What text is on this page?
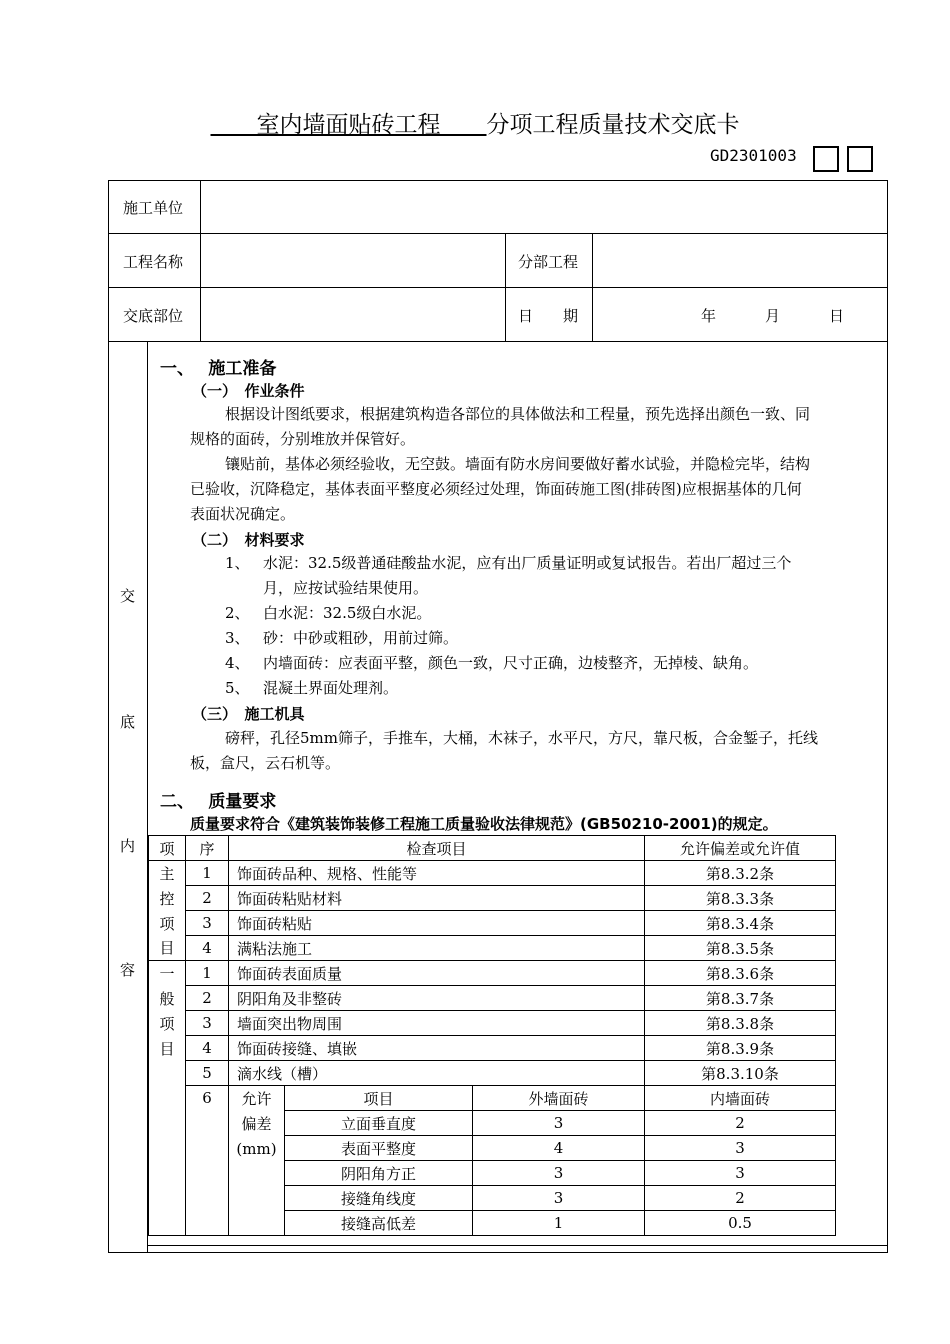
　　室内墙面贴砖工程　　 分项工程质量技术交底卡
GD2301003
施工单位
工程名称	分部工程
交底部位	日　　期	年	月	日
交
底
内
容
一、　 施工准备
（一）　作业条件
根据设计图纸要求，根据建筑构造各部位的具体做法和工程量，预先选择出颜色一致、同
规格的面砖，分别堆放并保管好。
镶贴前，基体必须经验收，无空鼓。墙面有防水房间要做好蓄水试验，并隐检完毕，结构
已验收，沉降稳定，基体表面平整度必须经过处理，饰面砖施工图(排砖图)应根据基体的几何
表面状况确定。
（二）　材料要求
1、 水泥：32.5级普通硅酸盐水泥，应有出厂质量证明或复试报告。若出厂超过三个
月，应按试验结果使用。
2、 白水泥：32.5级白水泥。
3、 砂：中砂或粗砂，用前过筛。
4、 内墙面砖：应表面平整，颜色一致，尺寸正确，边棱整齐，无掉棱、缺角。
5、 混凝土界面处理剂。
（三）　施工机具
磅秤，孔径5mm筛子，手推车，大桶，木袜子，水平尺，方尺，靠尺板，合金錾子，托线
板，盒尺，云石机等。
二、　 质量要求
质量要求符合《建筑装饰装修工程施工质量验收法律规范》(GB50210-2001)的规定。
项	序	检查项目			允许偏差或允许值
主	1	饰面砖品种、规格、性能等			第8.3.2条
控	2	饰面砖粘贴材料			第8.3.3条
项	3	饰面砖粘贴			第8.3.4条
目	4	满粘法施工			第8.3.5条
一	1	饰面砖表面质量			第8.3.6条
般	2	阴阳角及非整砖			第8.3.7条
项	3	墙面突出物周围			第8.3.8条
目	4	饰面砖接缝、填嵌			第8.3.9条
	5	滴水线（槽）			第8.3.10条
	6	允许
偏差
(mm)	项目	外墙面砖	内墙面砖
			立面垂直度	3	2
			表面平整度	4	3
			阴阳角方正	3	3
			接缝角线度	3	2
			接缝高低差	1	0.5
